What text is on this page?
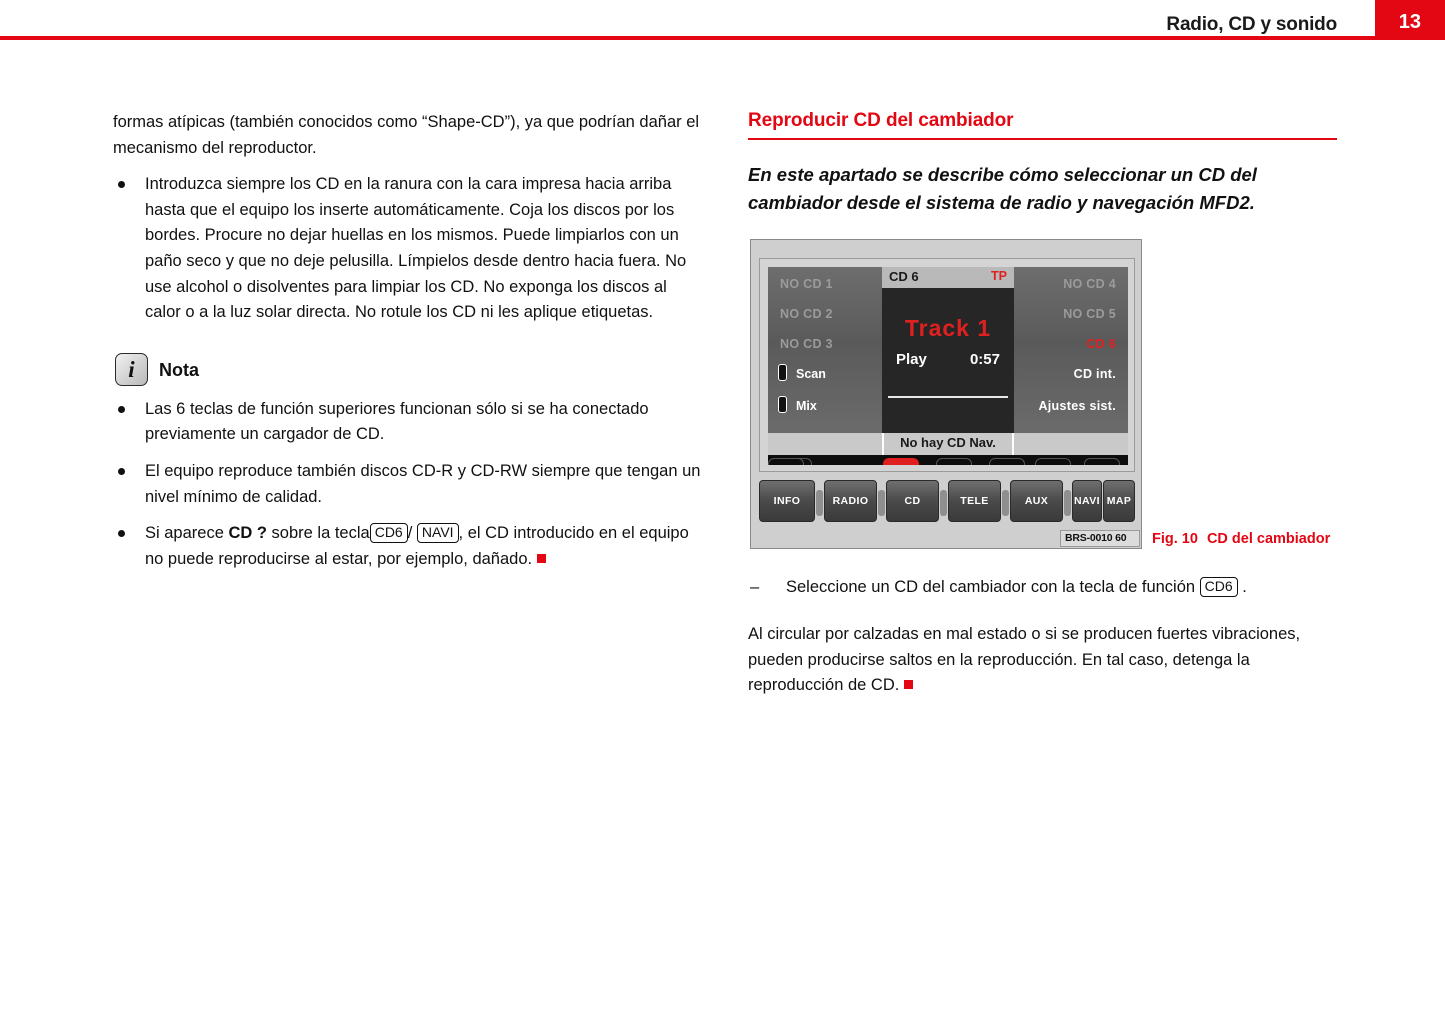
Radio, CD y sonido	13

formas atípicas (también conocidos como “Shape-CD”), ya que podrían dañar el mecanismo del reproductor.

Introduzca siempre los CD en la ranura con la cara impresa hacia arriba hasta que el equipo los inserte automáticamente. Coja los discos por los bordes. Procure no dejar huellas en los mismos. Puede limpiarlos con un paño seco y que no deje pelusilla. Límpielos desde dentro hacia fuera. No use alcohol o disolventes para limpiar los CD. No exponga los discos al calor o a la luz solar directa. No rotule los CD ni les aplique etiquetas.
i	Nota
Las 6 teclas de función superiores funcionan sólo si se ha conectado previamente un cargador de CD.
El equipo reproduce también discos CD-R y CD-RW siempre que tengan un nivel mínimo de calidad.
Si aparece CD ? sobre la tecla CD6 / NAVI , el CD introducido en el equipo no puede reproducirse al estar, por ejemplo, dañado.
Reproducir CD del cambiador

En este apartado se describe cómo seleccionar un CD del cambiador desde el sistema de radio y navegación MFD2.

NO CD 1
NO CD 2
NO CD 3
Scan
Mix
CD 6	TP
Track 1
Play	0:57
NO CD 4
NO CD 5
CD 6
CD int.
Ajustes sist.
No hay CD Nav.
INFO	RADIO	CD	TELE	AUX	NAVI MAP
BRS-0010 60	Fig. 10 CD del cambiador
– Seleccione un CD del cambiador con la tecla de función CD6 .

Al circular por calzadas en mal estado o si se producen fuertes vibraciones, pueden producirse saltos en la reproducción. En tal caso, detenga la reproducción de CD.
